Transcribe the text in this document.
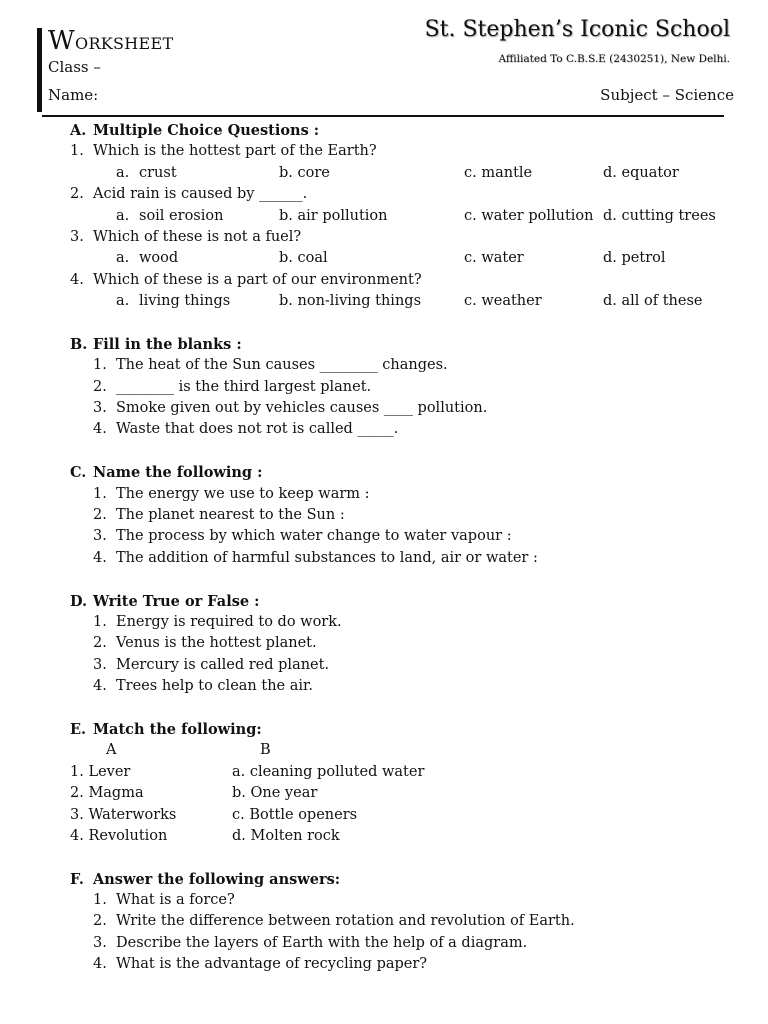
WORKSHEET
Class –
Name:
St. Stephen’s Iconic School
Affiliated To C.B.S.E (2430251), New Delhi.
Subject – Science
A. Multiple Choice Questions :
1. Which is the hottest part of the Earth?
a. crust	b. core	c. mantle	d. equator
2. Acid rain is caused by ______.
a. soil erosion	b. air pollution	c. water pollution d. cutting trees
3. Which of these is not a fuel?
a. wood	b. coal	c. water	d. petrol
4. Which of these is a part of our environment?
a. living things	b. non-living things	c. weather	d. all of these
B. Fill in the blanks :
1. The heat of the Sun causes ________ changes.
2. ________ is the third largest planet.
3. Smoke given out by vehicles causes ____ pollution.
4. Waste that does not rot is called _____.
C. Name the following :
1. The energy we use to keep warm :
2. The planet nearest to the Sun :
3. The process by which water change to water vapour :
4. The addition of harmful substances to land, air or water :
D. Write True or False :
1. Energy is required to do work.
2. Venus is the hottest planet.
3. Mercury is called red planet.
4. Trees help to clean the air.
E. Match the following:
A	B
1. Lever	a. cleaning polluted water
2. Magma	b. One year
3. Waterworks	c. Bottle openers
4. Revolution	d. Molten rock
F. Answer the following answers:
1. What is a force?
2. Write the difference between rotation and revolution of Earth.
3. Describe the layers of Earth with the help of a diagram.
4. What is the advantage of recycling paper?
